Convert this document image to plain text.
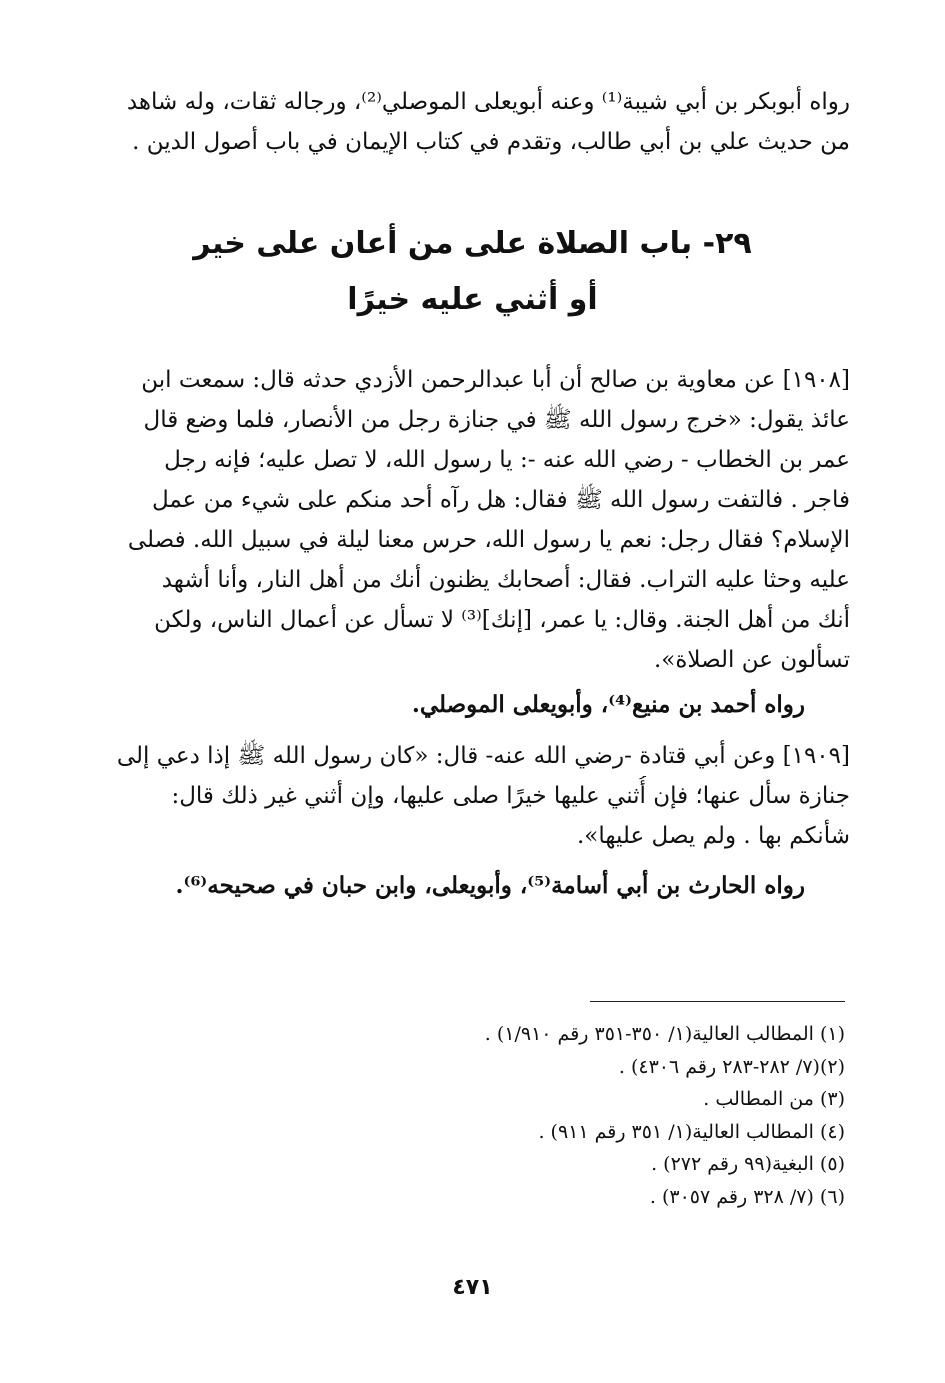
رواه أبوبكر بن أبي شيبة⁽¹⁾ وعنه أبويعلى الموصلي⁽²⁾، ورجاله ثقات، وله شاهد
من حديث علي بن أبي طالب، وتقدم في كتاب الإيمان في باب أصول الدين .
٢٩- باب الصلاة على من أعان على خير
أو أثني عليه خيرًا
[١٩٠٨] عن معاوية بن صالح أن أبا عبدالرحمن الأزدي حدثه قال: سمعت ابن
عائذ يقول: «خرج رسول الله ﷺ في جنازة رجل من الأنصار، فلما وضع قال
عمر بن الخطاب - رضي الله عنه -: يا رسول الله، لا تصل عليه؛ فإنه رجل
فاجر . فالتفت رسول الله ﷺ فقال: هل رآه أحد منكم على شيء من عمل
الإسلام؟ فقال رجل: نعم يا رسول الله، حرس معنا ليلة في سبيل الله. فصلى
عليه وحثا عليه التراب. فقال: أصحابك يظنون أنك من أهل النار، وأنا أشهد
أنك من أهل الجنة. وقال: يا عمر، [إنك]⁽³⁾ لا تسأل عن أعمال الناس، ولكن
تسألون عن الصلاة».
رواه أحمد بن منيع⁽⁴⁾، وأبويعلى الموصلي.
[١٩٠٩] وعن أبي قتادة -رضي الله عنه- قال: «كان رسول الله ﷺ إذا دعي إلى
جنازة سأل عنها؛ فإن أُثني عليها خيرًا صلى عليها، وإن أثني غير ذلك قال:
شأنكم بها . ولم يصل عليها».
رواه الحارث بن أبي أسامة⁽⁵⁾، وأبويعلى، وابن حبان في صحيحه⁽⁶⁾.
(١) المطالب العالية(١/ ٣٥٠-٣٥١ رقم ١/٩١٠) .
(٢)(٧/ ٢٨٢-٢٨٣ رقم ٤٣٠٦) .
(٣) من المطالب .
(٤) المطالب العالية(١/ ٣٥١ رقم ٩١١) .
(٥) البغية(٩٩ رقم ٢٧٢) .
(٦) (٧/ ٣٢٨ رقم ٣٠٥٧) .
٤٧١
